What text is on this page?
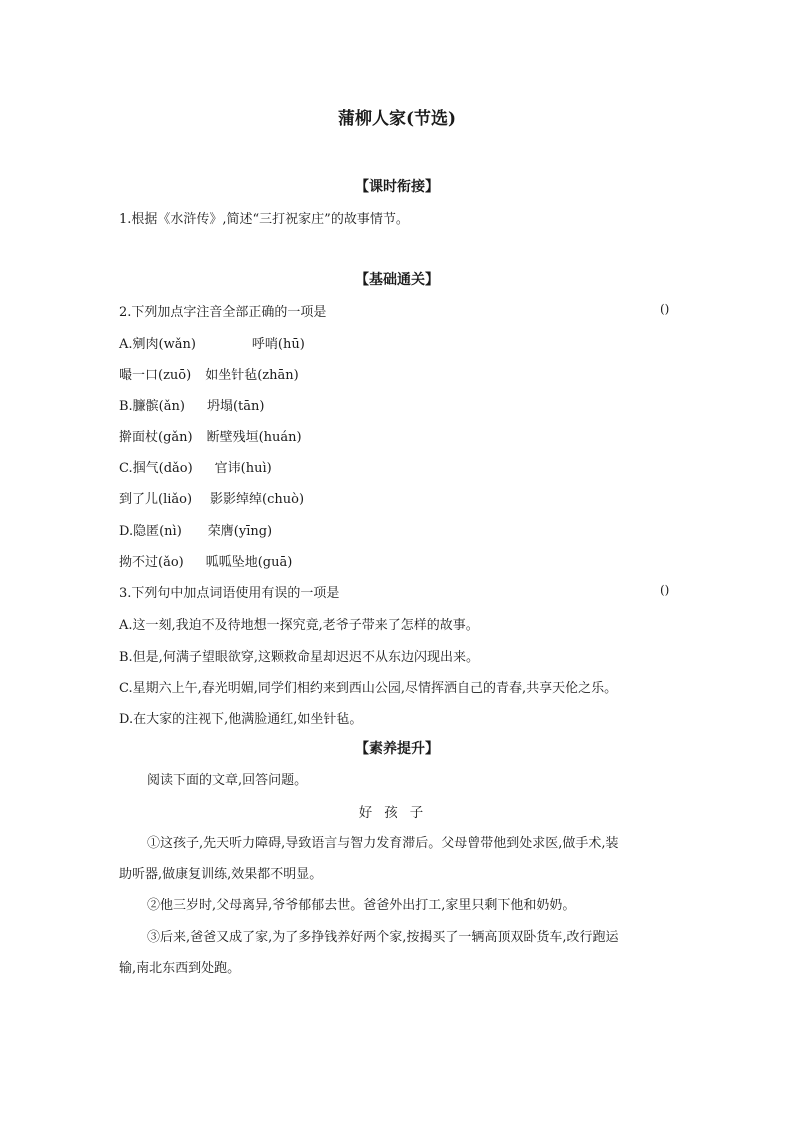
蒲柳人家(节选)
【课时衔接】
1.根据《水浒传》,简述“三打祝家庄”的故事情节。
【基础通关】
2.下列加点字注音全部正确的一项是	()
A.剜肉(wǎn)	呼哨(hū)
嘬一口(zuō) 如坐针毡(zhān)
B.臁髌(ǎn) 坍塌(tān)
擀面杖(gǎn) 断壁残垣(huán)
C.掴气(dǎo) 官讳(huì)
到了儿(liǎo) 影影绰绰(chuò)
D.隐匿(nì) 荣膺(yīng)
拗不过(ǎo) 呱呱坠地(guā)
3.下列句中加点词语使用有误的一项是	()
A.这一刻,我迫不及待地想一探究竟,老爷子带来了怎样的故事。
B.但是,何满子望眼欲穿,这颗救命星却迟迟不从东边闪现出来。
C.星期六上午,春光明媚,同学们相约来到西山公园,尽情挥洒自己的青春,共享天伦之乐。
D.在大家的注视下,他满脸通红,如坐针毡。
【素养提升】
阅读下面的文章,回答问题。
好孩子
①这孩子,先天听力障碍,导致语言与智力发育滞后。父母曾带他到处求医,做手术,装
助听器,做康复训练,效果都不明显。
②他三岁时,父母离异,爷爷郁郁去世。爸爸外出打工,家里只剩下他和奶奶。
③后来,爸爸又成了家,为了多挣钱养好两个家,按揭买了一辆高顶双卧货车,改行跑运
输,南北东西到处跑。
